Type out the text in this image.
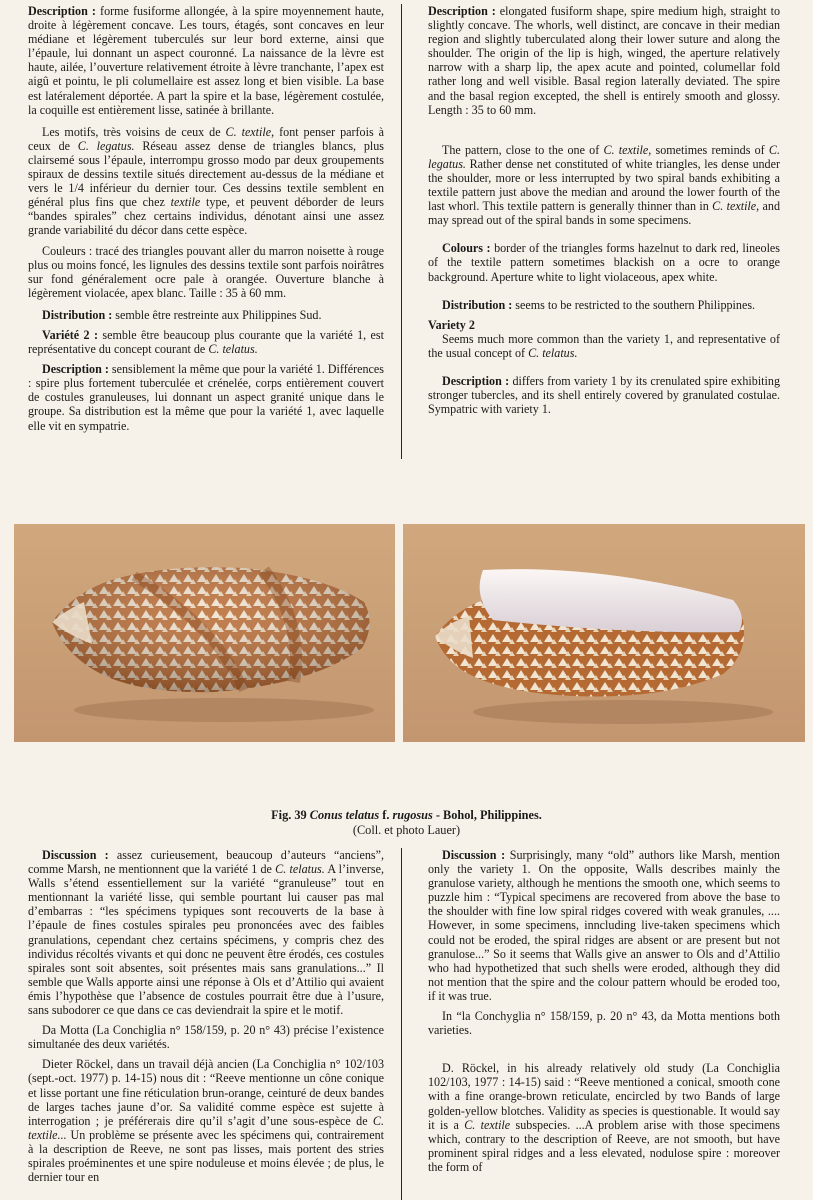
Description : forme fusiforme allongée, à la spire moyennement haute, droite à légèrement concave. Les tours, étagés, sont concaves en leur médiane et légèrement tuberculés sur leur bord externe, ainsi que l’épaule, lui donnant un aspect couronné. La naissance de la lèvre est haute, ailée, l’ouverture relativement étroite à lèvre tranchante, l’apex est aigû et pointu, le pli columellaire est assez long et bien visible. La base est latéralement déportée. A part la spire et la base, légèrement costulée, la coquille est entièrement lisse, satinée à brillante.

Les motifs, très voisins de ceux de C. textile, font penser parfois à ceux de C. legatus. Réseau assez dense de triangles blancs, plus clairsemé sous l’épaule, interrompu grosso modo par deux groupements spiraux de dessins textile situés directement au-dessus de la médiane et vers le 1/4 inférieur du dernier tour. Ces dessins textile semblent en général plus fins que chez textile type, et peuvent déborder de leurs “bandes spirales” chez certains individus, dénotant ainsi une assez grande variabilité du décor dans cette espèce.

Couleurs : tracé des triangles pouvant aller du marron noisette à rouge plus ou moins foncé, les lignules des dessins textile sont parfois noirâtres sur fond généralement ocre pale à orangée. Ouverture blanche à légèrement violacée, apex blanc. Taille : 35 à 60 mm.

Distribution : semble être restreinte aux Philippines Sud.

Variété 2 : semble être beaucoup plus courante que la variété 1, est représentative du concept courant de C. telatus.

Description : sensiblement la même que pour la variété 1. Différences : spire plus fortement tuberculée et crénelée, corps entièrement couvert de costules granuleuses, lui donnant un aspect granité unique dans le groupe. Sa distribution est la même que pour la variété 1, avec laquelle elle vit en sympatrie.

Description : elongated fusiform shape, spire medium high, straight to slightly concave. The whorls, well distinct, are concave in their median region and slightly tuberculated along their lower suture and along the shoulder. The origin of the lip is high, winged, the aperture relatively narrow with a sharp lip, the apex acute and pointed, columellar fold rather long and well visible. Basal region laterally deviated. The spire and the basal region excepted, the shell is entirely smooth and glossy. Length : 35 to 60 mm.

The pattern, close to the one of C. textile, sometimes reminds of C. legatus. Rather dense net constituted of white triangles, les dense under the shoulder, more or less interrupted by two spiral bands exhibiting a textile pattern just above the median and around the lower fourth of the last whorl. This textile pattern is generally thinner than in C. textile, and may spread out of the spiral bands in some specimens.

Colours : border of the triangles forms hazelnut to dark red, lineoles of the textile pattern sometimes blackish on a ocre to orange background. Aperture white to light violaceous, apex white.

Distribution : seems to be restricted to the southern Philippines.

Variety 2

Seems much more common than the variety 1, and representative of the usual concept of C. telatus.

Description : differs from variety 1 by its crenulated spire exhibiting stronger tubercles, and its shell entirely covered by granulated costulae. Sympatric with variety 1.

Fig. 39 Conus telatus f. rugosus - Bohol, Philippines.
(Coll. et photo Lauer)

Discussion : assez curieusement, beaucoup d’auteurs “anciens”, comme Marsh, ne mentionnent que la variété 1 de C. telatus. A l’inverse, Walls s’étend essentiellement sur la variété “granuleuse” tout en mentionnant la variété lisse, qui semble pourtant lui causer pas mal d’embarras : “les spécimens typiques sont recouverts de la base à l’épaule de fines costules spirales peu prononcées avec des faibles granulations, cependant chez certains spécimens, y compris chez des individus récoltés vivants et qui donc ne peuvent être érodés, ces costules spirales sont soit absentes, soit présentes mais sans granulations...” Il semble que Walls apporte ainsi une réponse à Ols et d’Attilio qui avaient émis l’hypothèse que l’absence de costules pourrait être due à l’usure, sans subodorer ce que dans ce cas deviendrait la spire et le motif.

Da Motta (La Conchiglia n° 158/159, p. 20 n° 43) précise l’existence simultanée des deux variétés.

Dieter Röckel, dans un travail déjà ancien (La Conchiglia n° 102/103 (sept.-oct. 1977) p. 14-15) nous dit : “Reeve mentionne un cône conique et lisse portant une fine réticulation brun-orange, ceinturé de deux bandes de larges taches jaune d’or. Sa validité comme espèce est sujette à interrogation ; je préférerais dire qu’il s’agit d’une sous-espèce de C. textile... Un problème se présente avec les spécimens qui, contrairement à la description de Reeve, ne sont pas lisses, mais portent des stries spirales proéminentes et une spire noduleuse et moins élevée ; de plus, le dernier tour en

Discussion : Surprisingly, many “old” authors like Marsh, mention only the variety 1. On the opposite, Walls describes mainly the granulose variety, although he mentions the smooth one, which seems to puzzle him : “Typical specimens are recovered from above the base to the shoulder with fine low spiral ridges covered with weak granules, .... However, in some specimens, inncluding live-taken specimens which could not be eroded, the spiral ridges are absent or are present but not granulose...” So it seems that Walls give an answer to Ols and d’Attilio who had hypothetized that such shells were eroded, although they did not mention that the spire and the colour pattern whould be eroded too, if it was true.

In “la Conchyglia n° 158/159, p. 20 n° 43, da Motta mentions both varieties.

D. Röckel, in his already relatively old study (La Conchiglia 102/103, 1977 : 14-15) said : “Reeve mentioned a conical, smooth cone with a fine orange-brown reticulate, encircled by two Bands of large golden-yellow blotches. Validity as species is questionable. It would say it is a C. textile subspecies. ...A problem arise with those specimens which, contrary to the description of Reeve, are not smooth, but have prominent spiral ridges and a less elevated, nodulose spire : moreover the form of
